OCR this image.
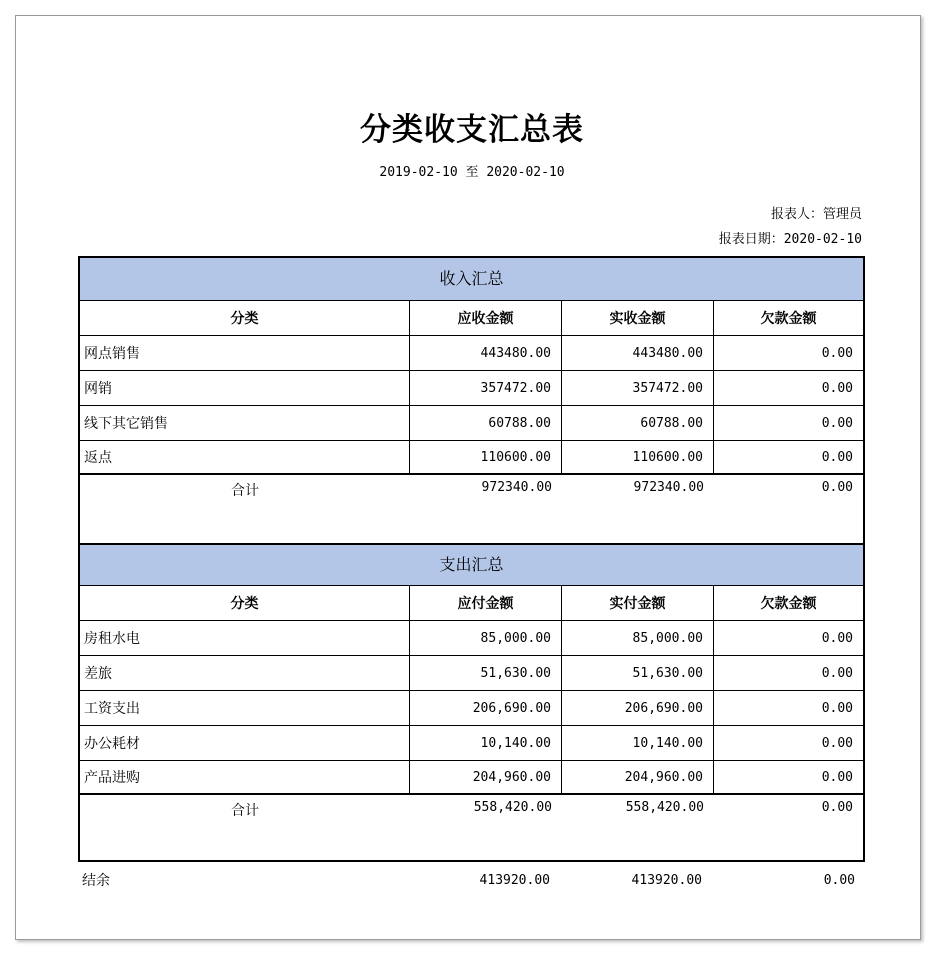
分类收支汇总表
2019-02-10 至 2020-02-10
报表人：管理员
报表日期：2020-02-10
收入汇总
分类	应收金额	实收金额	欠款金额
网点销售	443480.00	443480.00	0.00
网销	357472.00	357472.00	0.00
线下其它销售	60788.00	60788.00	0.00
返点	110600.00	110600.00	0.00
合计	972340.00	972340.00	0.00
支出汇总
分类	应付金额	实付金额	欠款金额
房租水电	85,000.00	85,000.00	0.00
差旅	51,630.00	51,630.00	0.00
工资支出	206,690.00	206,690.00	0.00
办公耗材	10,140.00	10,140.00	0.00
产品进购	204,960.00	204,960.00	0.00
合计	558,420.00	558,420.00	0.00
结余	413920.00	413920.00	0.00
